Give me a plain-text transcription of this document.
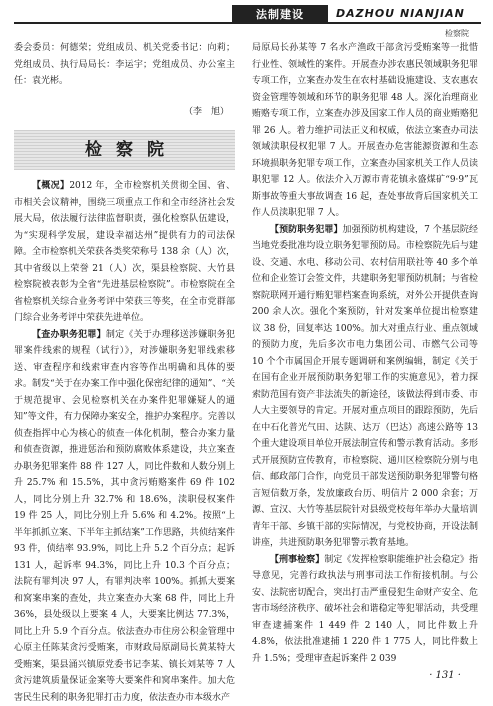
法制建设	DAZHOU NIANJIAN
检察院

委会委员：何德荣；党组成员、机关党委书记：向莉；党组成员、执行局局长：李运宇；党组成员、办公室主任：袁光彬。

（李　旭）

检察院

【概况】2012 年，全市检察机关贯彻全国、省、市相关会议精神，围绕三项重点工作和全市经济社会发展大局，依法履行法律监督职责，强化检察队伍建设，为“实现科学发展，建设幸福达州”提供有力的司法保障。全市检察机关荣获各类奖荣称号 138 余（人）次，其中省级以上荣誉 21（人）次，渠县检察院、大竹县检察院被表彰为全省“先进基层检察院”。市检察院在全省检察机关综合业务考评中荣获三等奖，在全市党群部门综合业务考评中荣获先进单位。

【查办职务犯罪】制定《关于办理移送涉嫌职务犯罪案件线索的规程（试行）》，对涉嫌职务犯罪线索移送、审查程序和线索审查内容等作出明确和具体的要求。制发“关于在办案工作中强化保密纪律的通知”、“关于规范提审、会见检察机关在办案件犯罪嫌疑人的通知”等文件，有力保障办案安全，推护办案程序。完善以侦查指挥中心为核心的侦查一体化机制，整合办案力量和侦查资源，推进惩治和预防腐败体系建设，共立案查办职务犯罪案件 88 件 127 人，同比件数和人数分别上升 25.7% 和 15.5%，其中贪污贿赂案件 69 件 102 人，同比分别上升 32.7% 和 18.6%，渎职侵权案件 19 件 25 人，同比分别上升 5.6% 和 4.2%。按照“上半年抓抓立案、下半年主抓结案”工作思路，共侦结案件 93 件，侦结率 93.9%，同比上升 5.2 个百分点；起诉 131 人，起诉率 94.3%，同比上升 10.3 个百分点；法院有罪判决 97 人，有罪判决率 100%。抓抓大要案和窝案串案的查处，共立案查办大案 68 件，同比上升 36%，县处级以上要案 4 人，大要案比例达 77.3%，同比上升 5.9 个百分点。依法查办市住房公积金管理中心原主任陈某贪污受贿案，市财政局原副局长黄某特大受贿案，渠县涌兴镇原党委书记李某、镇长刘某等 7 人贪污建筑质量保证金案等大要案件和窝串案件。加大危害民生民利的职务犯罪打击力度，依法查办市本级水产

局原局长孙某等 7 名水产渔政干部贪污受贿案等一批惜行业性、领域性的案件。开展查办涉农惠民领域职务犯罪专项工作，立案查办发生在农村基础设施建设、支农惠农资金管理等领域和环节的职务犯罪 48 人。深化治理商业贿赂专项工作，立案查办涉及国家工作人员的商业贿赂犯罪 26 人。着力维护司法正义和权威，依法立案查办司法领域渎职侵权犯罪 7 人。开展查办危害能源资源和生态环境损职务犯罪专项工作，立案查办国家机关工作人员读职犯罪 12 人。依法介入万源市青花镇永盛煤矿“9·9”瓦斯事故等重大事故调查 16 起，查处事故背后国家机关工作人员渎职犯罪 7 人。

【预防职务犯罪】加强预防机构建设，7 个基层院经当地党委批准均设立职务犯罪预防局。市检察院先后与建设、交通、水电、移动公司、农村信用联社等 40 多个单位和企业签订会签文件，共建职务犯罪预防机制；与省检察院联网开通行贿犯罪档案查询系统，对外公开提供查询 200 余人次。强化个案预防，针对发案单位提出检察建议 38 份，回复率达 100%。加大对重点行业、重点领域的预防力度，先后多次市电力集团公司、市燃气公司等 10 个个市属国企开展专题调研和案例编辑，制定《关于在国有企业开展预防职务犯罪工作的实施意见》，着力探索防范国有资产非法流失的新途径，该做法得到市委、市人大主要领导的肯定。开展对重点项目的跟踪预防，先后在中石化普光气田、达陕、达万（巴达）高速公路等 13 个重大建设项目单位开展法制宣传和警示教育活动。多形式开展预防宣传教育，市检察院、通川区检察院分别与电信、邮政部门合作，向党员干部发送预防职务犯罪警句格言短信数万条，发放廉政台历、明信片 2 000 余套；万源、宣汉、大竹等基层院针对县级党校每年举办大量培训青年干部、乡镇干部的实际情况，与党校协商，开设法制讲座，共进预防职务犯罪警示教育基地。

【刑事检察】制定《发挥检察职能维护社会稳定》指导意见，完善行政执法与刑事司法工作衔接机制。与公安、法院密切配合，突出打击严重侵犯生命财产安全、危害市场经济秩序、破坏社会和谐稳定等犯罪活动，共受理审查逮捕案件 1 449 件 2 140 人，同比件数上升 4.8%，依法批准逮捕 1 220 件 1 775 人，同比件数上升 1.5%；受理审查起诉案件 2 039

· 131 ·
